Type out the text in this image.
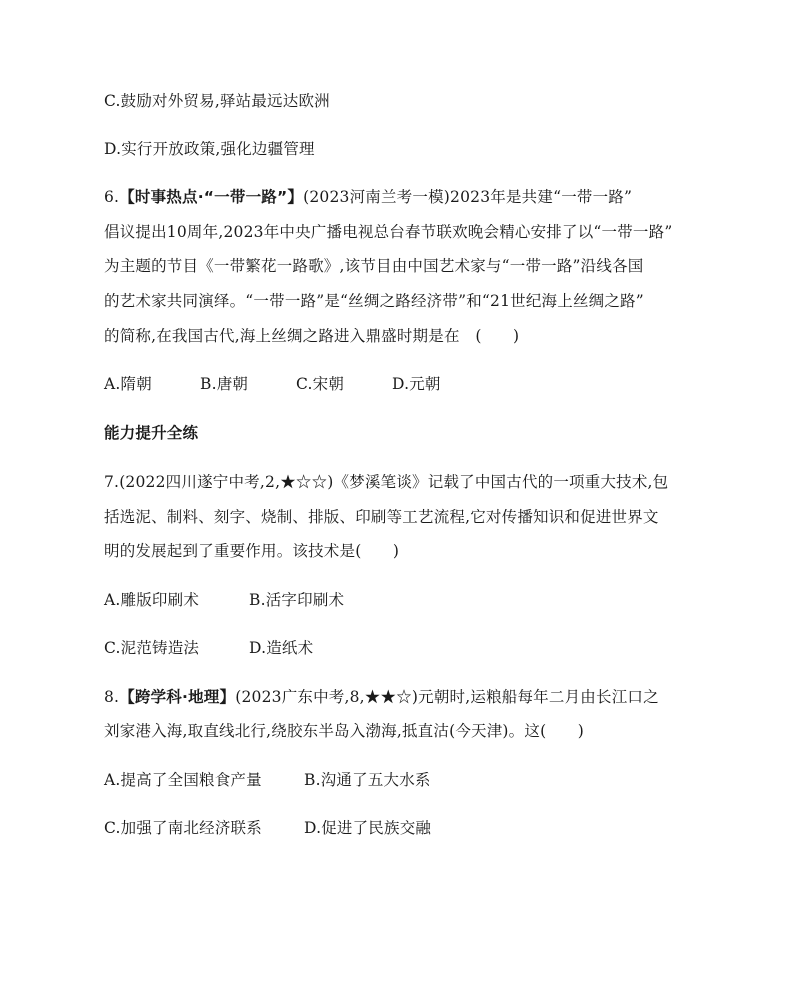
C.鼓励对外贸易,驿站最远达欧洲
D.实行开放政策,强化边疆管理
6.【时事热点·“一带一路”】(2023河南兰考一模)2023年是共建“一带一路”
倡议提出10周年,2023年中央广播电视总台春节联欢晚会精心安排了以“一带一路”
为主题的节目《一带繁花一路歌》,该节目由中国艺术家与“一带一路”沿线各国
的艺术家共同演绎。“一带一路”是“丝绸之路经济带”和“21世纪海上丝绸之路”
的简称,在我国古代,海上丝绸之路进入鼎盛时期是在　(　　)
A.隋朝	B.唐朝	C.宋朝	D.元朝
能力提升全练
7.(2022四川遂宁中考,2,★☆☆)《梦溪笔谈》记载了中国古代的一项重大技术,包
括选泥、制料、刻字、烧制、排版、印刷等工艺流程,它对传播知识和促进世界文
明的发展起到了重要作用。该技术是(　　)
A.雕版印刷术	B.活字印刷术
C.泥范铸造法	D.造纸术
8.【跨学科·地理】(2023广东中考,8,★★☆)元朝时,运粮船每年二月由长江口之
刘家港入海,取直线北行,绕胶东半岛入渤海,抵直沽(今天津)。这(　　)
A.提高了全国粮食产量	B.沟通了五大水系
C.加强了南北经济联系	D.促进了民族交融
